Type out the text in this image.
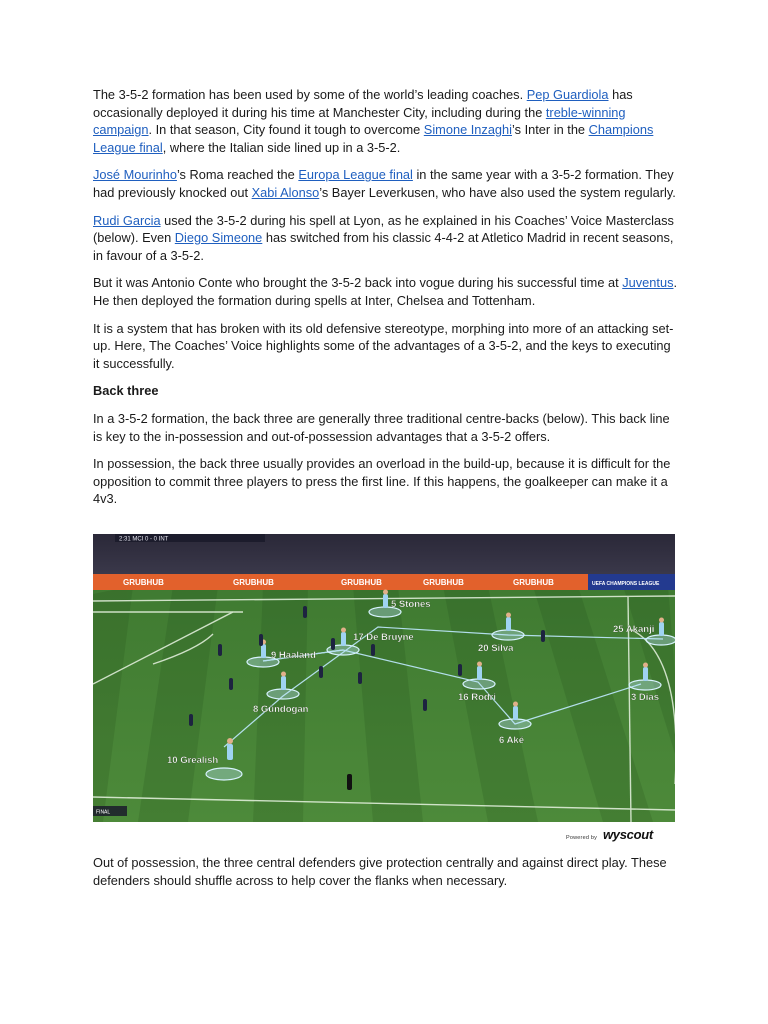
The 3-5-2 formation has been used by some of the world’s leading coaches. Pep Guardiola has occasionally deployed it during his time at Manchester City, including during the treble-winning campaign. In that season, City found it tough to overcome Simone Inzaghi’s Inter in the Champions League final, where the Italian side lined up in a 3-5-2.

José Mourinho’s Roma reached the Europa League final in the same year with a 3-5-2 formation. They had previously knocked out Xabi Alonso’s Bayer Leverkusen, who have also used the system regularly.

Rudi Garcia used the 3-5-2 during his spell at Lyon, as he explained in his Coaches’ Voice Masterclass (below). Even Diego Simeone has switched from his classic 4-4-2 at Atletico Madrid in recent seasons, in favour of a 3-5-2.

But it was Antonio Conte who brought the 3-5-2 back into vogue during his successful time at Juventus. He then deployed the formation during spells at Inter, Chelsea and Tottenham.

It is a system that has broken with its old defensive stereotype, morphing into more of an attacking set-up. Here, The Coaches’ Voice highlights some of the advantages of a 3-5-2, and the keys to executing it successfully.

Back three

In a 3-5-2 formation, the back three are generally three traditional centre-backs (below). This back line is key to the in-possession and out-of-possession advantages that a 3-5-2 offers.

In possession, the back three usually provides an overload in the build-up, because it is difficult for the opposition to commit three players to press the first line. If this happens, the goalkeeper can make it a 4v3.

GRUBHUB	GRUBHUB	GRUBHUB	GRUBHUB	GRUBHUB	UEFA CHAMPIONS LEAGUE
2:31 MCI 0 - 0 INT
5 Stones
17 De Bruyne
9 Haaland
20 Silva
25 Akanji
16 Rodri	3 Dias
8 Gündogan
6 Aké
10 Grealish
FINAL
Powered by wyscout

Out of possession, the three central defenders give protection centrally and against direct play. These defenders should shuffle across to help cover the flanks when necessary.
